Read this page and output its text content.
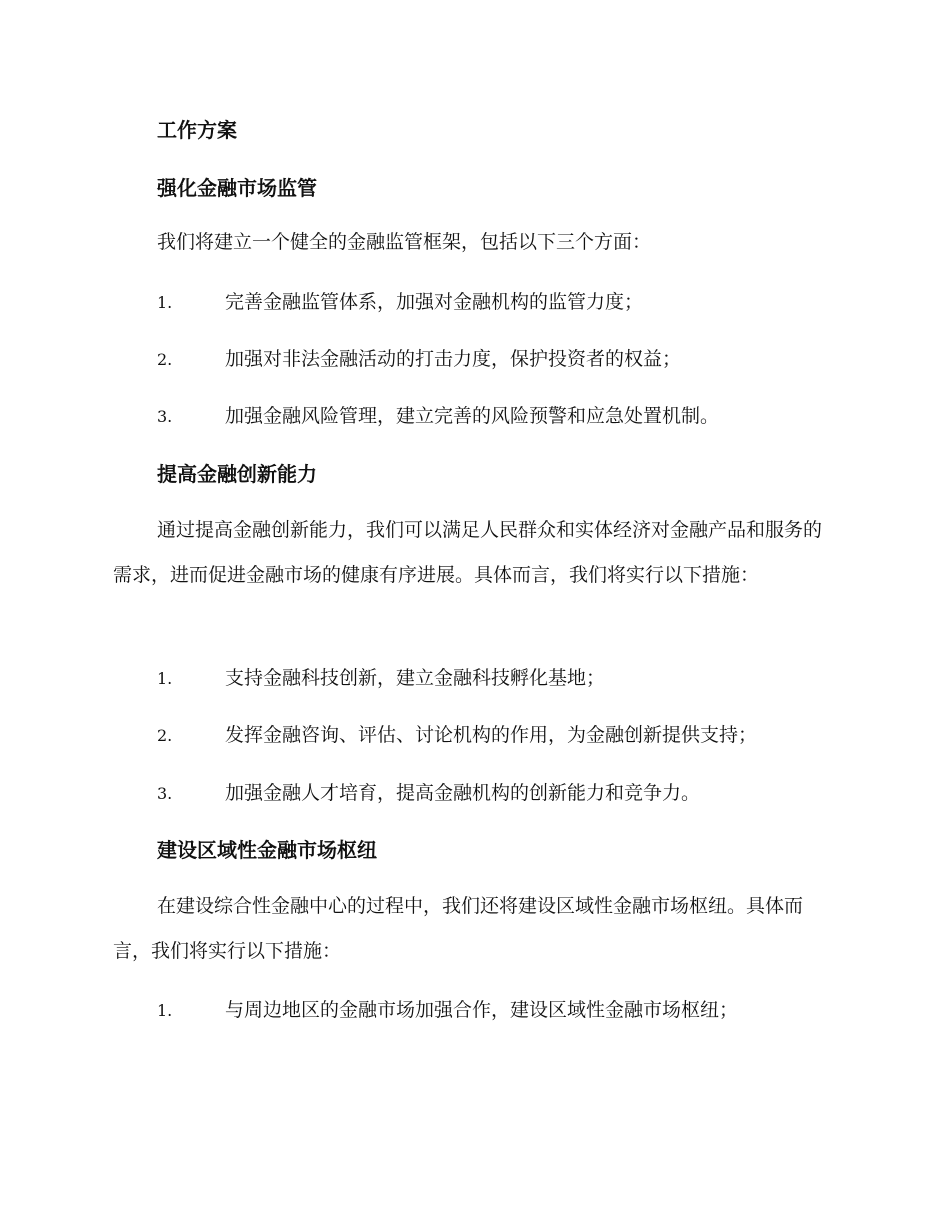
工作方案
强化金融市场监管
我们将建立一个健全的金融监管框架，包括以下三个方面：
1.	完善金融监管体系，加强对金融机构的监管力度；
2.	加强对非法金融活动的打击力度，保护投资者的权益；
3.	加强金融风险管理，建立完善的风险预警和应急处置机制。
提高金融创新能力
通过提高金融创新能力，我们可以满足人民群众和实体经济对金融产品和服务的需求，进而促进金融市场的健康有序进展。具体而言，我们将实行以下措施：
1.	支持金融科技创新，建立金融科技孵化基地；
2.	发挥金融咨询、评估、讨论机构的作用，为金融创新提供支持；
3.	加强金融人才培育，提高金融机构的创新能力和竞争力。
建设区域性金融市场枢纽
在建设综合性金融中心的过程中，我们还将建设区域性金融市场枢纽。具体而言，我们将实行以下措施：
1.	与周边地区的金融市场加强合作，建设区域性金融市场枢纽；
